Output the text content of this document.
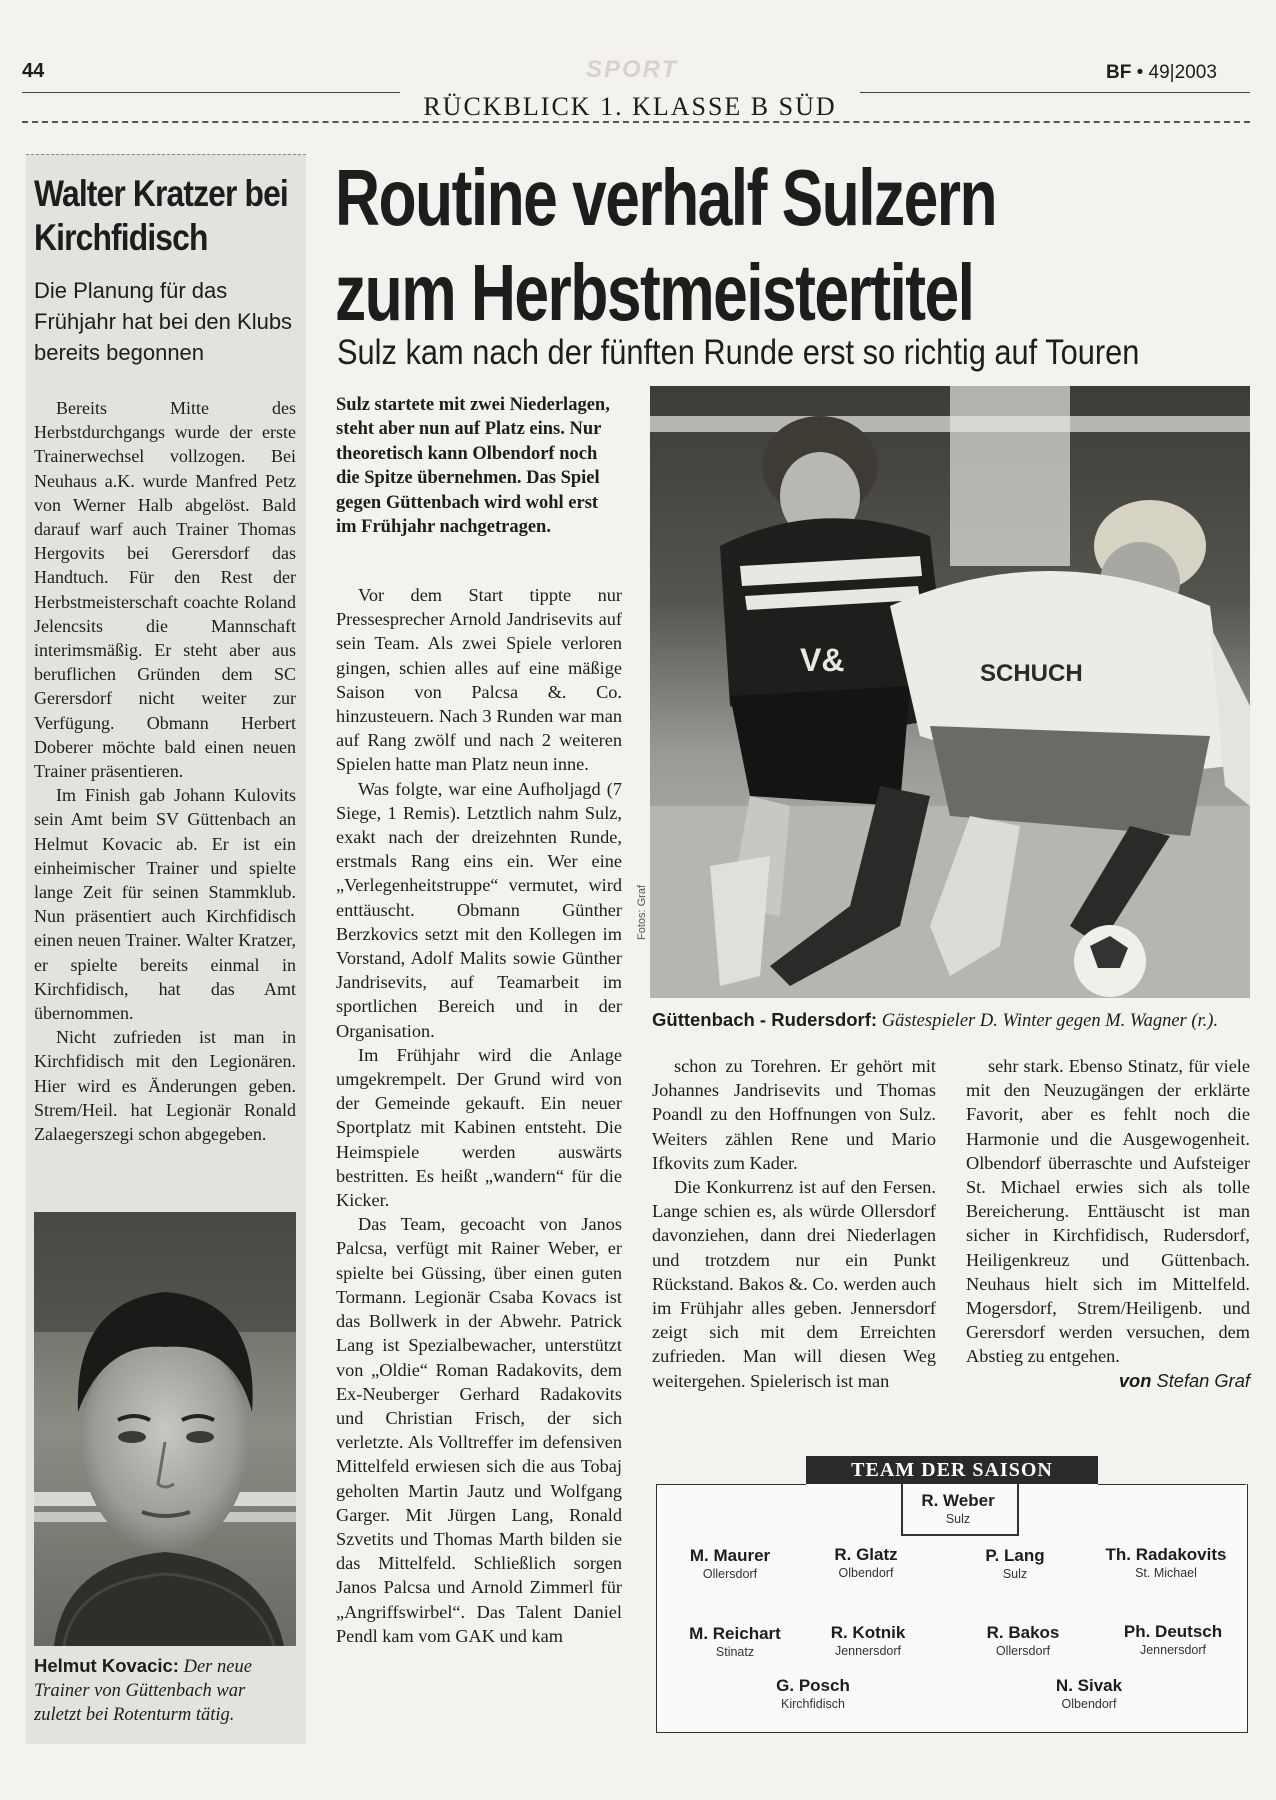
44	SPORT	BF • 49|2003
RÜCKBLICK 1. KLASSE B SÜD
Walter Kratzer bei Kirchfidisch
Die Planung für das Frühjahr hat bei den Klubs bereits begonnen

Bereits Mitte des Herbstdurchgangs wurde der erste Trainerwechsel vollzogen. Bei Neuhaus a.K. wurde Manfred Petz von Werner Halb abgelöst. Bald darauf warf auch Trainer Thomas Hergovits bei Gerersdorf das Handtuch. Für den Rest der Herbstmeisterschaft coachte Roland Jelencsits die Mannschaft interimsmäßig. Er steht aber aus beruflichen Gründen dem SC Gerersdorf nicht weiter zur Verfügung. Obmann Herbert Doberer möchte bald einen neuen Trainer präsentieren.

Im Finish gab Johann Kulovits sein Amt beim SV Güttenbach an Helmut Kovacic ab. Er ist ein einheimischer Trainer und spielte lange Zeit für seinen Stammklub. Nun präsentiert auch Kirchfidisch einen neuen Trainer. Walter Kratzer, er spielte bereits einmal in Kirchfidisch, hat das Amt übernommen.

Nicht zufrieden ist man in Kirchfidisch mit den Legionären. Hier wird es Änderungen geben. Strem/Heil. hat Legionär Ronald Zalaegerszegi schon abgegeben.

Helmut Kovacic: Der neue Trainer von Güttenbach war zuletzt bei Rotenturm tätig.
Routine verhalf Sulzern
zum Herbstmeistertitel
Sulz kam nach der fünften Runde erst so richtig auf Touren
Sulz startete mit zwei Niederlagen, steht aber nun auf Platz eins. Nur theoretisch kann Olbendorf noch die Spitze übernehmen. Das Spiel gegen Güttenbach wird wohl erst im Frühjahr nachgetragen.

Vor dem Start tippte nur Pressesprecher Arnold Jandrisevits auf sein Team. Als zwei Spiele verloren gingen, schien alles auf eine mäßige Saison von Palcsa &. Co. hinzusteuern. Nach 3 Runden war man auf Rang zwölf und nach 2 weiteren Spielen hatte man Platz neun inne.

Was folgte, war eine Aufholjagd (7 Siege, 1 Remis). Letztlich nahm Sulz, exakt nach der dreizehnten Runde, erstmals Rang eins ein. Wer eine „Verlegenheitstruppe“ vermutet, wird enttäuscht. Obmann Günther Berzkovics setzt mit den Kollegen im Vorstand, Adolf Malits sowie Günther Jandrisevits, auf Teamarbeit im sportlichen Bereich und in der Organisation.

Im Frühjahr wird die Anlage umgekrempelt. Der Grund wird von der Gemeinde gekauft. Ein neuer Sportplatz mit Kabinen entsteht. Die Heimspiele werden auswärts bestritten. Es heißt „wandern“ für die Kicker.

Das Team, gecoacht von Janos Palcsa, verfügt mit Rainer Weber, er spielte bei Güssing, über einen guten Tormann. Legionär Csaba Kovacs ist das Bollwerk in der Abwehr. Patrick Lang ist Spezialbewacher, unterstützt von „Oldie“ Roman Radakovits, dem Ex-Neuberger Gerhard Radakovits und Christian Frisch, der sich verletzte. Als Volltreffer im defensiven Mittelfeld erwiesen sich die aus Tobaj geholten Martin Jautz und Wolfgang Garger. Mit Jürgen Lang, Ronald Szvetits und Thomas Marth bilden sie das Mittelfeld. Schließlich sorgen Janos Palcsa und Arnold Zimmerl für „Angriffswirbel“. Das Talent Daniel Pendl kam vom GAK und kam

V&	SCHUCH
Fotos: Graf
Güttenbach - Rudersdorf: Gästespieler D. Winter gegen M. Wagner (r.).

schon zu Torehren. Er gehört mit Johannes Jandrisevits und Thomas Poandl zu den Hoffnungen von Sulz. Weiters zählen Rene und Mario Ifkovits zum Kader.

Die Konkurrenz ist auf den Fersen. Lange schien es, als würde Ollersdorf davonziehen, dann drei Niederlagen und trotzdem nur ein Punkt Rückstand. Bakos &. Co. werden auch im Frühjahr alles geben. Jennersdorf zeigt sich mit dem Erreichten zufrieden. Man will diesen Weg weitergehen. Spielerisch ist man

sehr stark. Ebenso Stinatz, für viele mit den Neuzugängen der erklärte Favorit, aber es fehlt noch die Harmonie und die Ausgewogenheit. Olbendorf überraschte und Aufsteiger St. Michael erwies sich als tolle Bereicherung. Enttäuscht ist man sicher in Kirchfidisch, Rudersdorf, Heiligenkreuz und Güttenbach. Neuhaus hielt sich im Mittelfeld. Mogersdorf, Strem/Heiligenb. und Gerersdorf werden versuchen, dem Abstieg zu entgehen.

von Stefan Graf
TEAM DER SAISON
R. Weber
Sulz
M. Maurer
Ollersdorf
R. Glatz
Olbendorf
P. Lang
Sulz
Th. Radakovits
St. Michael
M. Reichart
Stinatz
R. Kotnik
Jennersdorf
R. Bakos
Ollersdorf
Ph. Deutsch
Jennersdorf
G. Posch
Kirchfidisch
N. Sivak
Olbendorf
